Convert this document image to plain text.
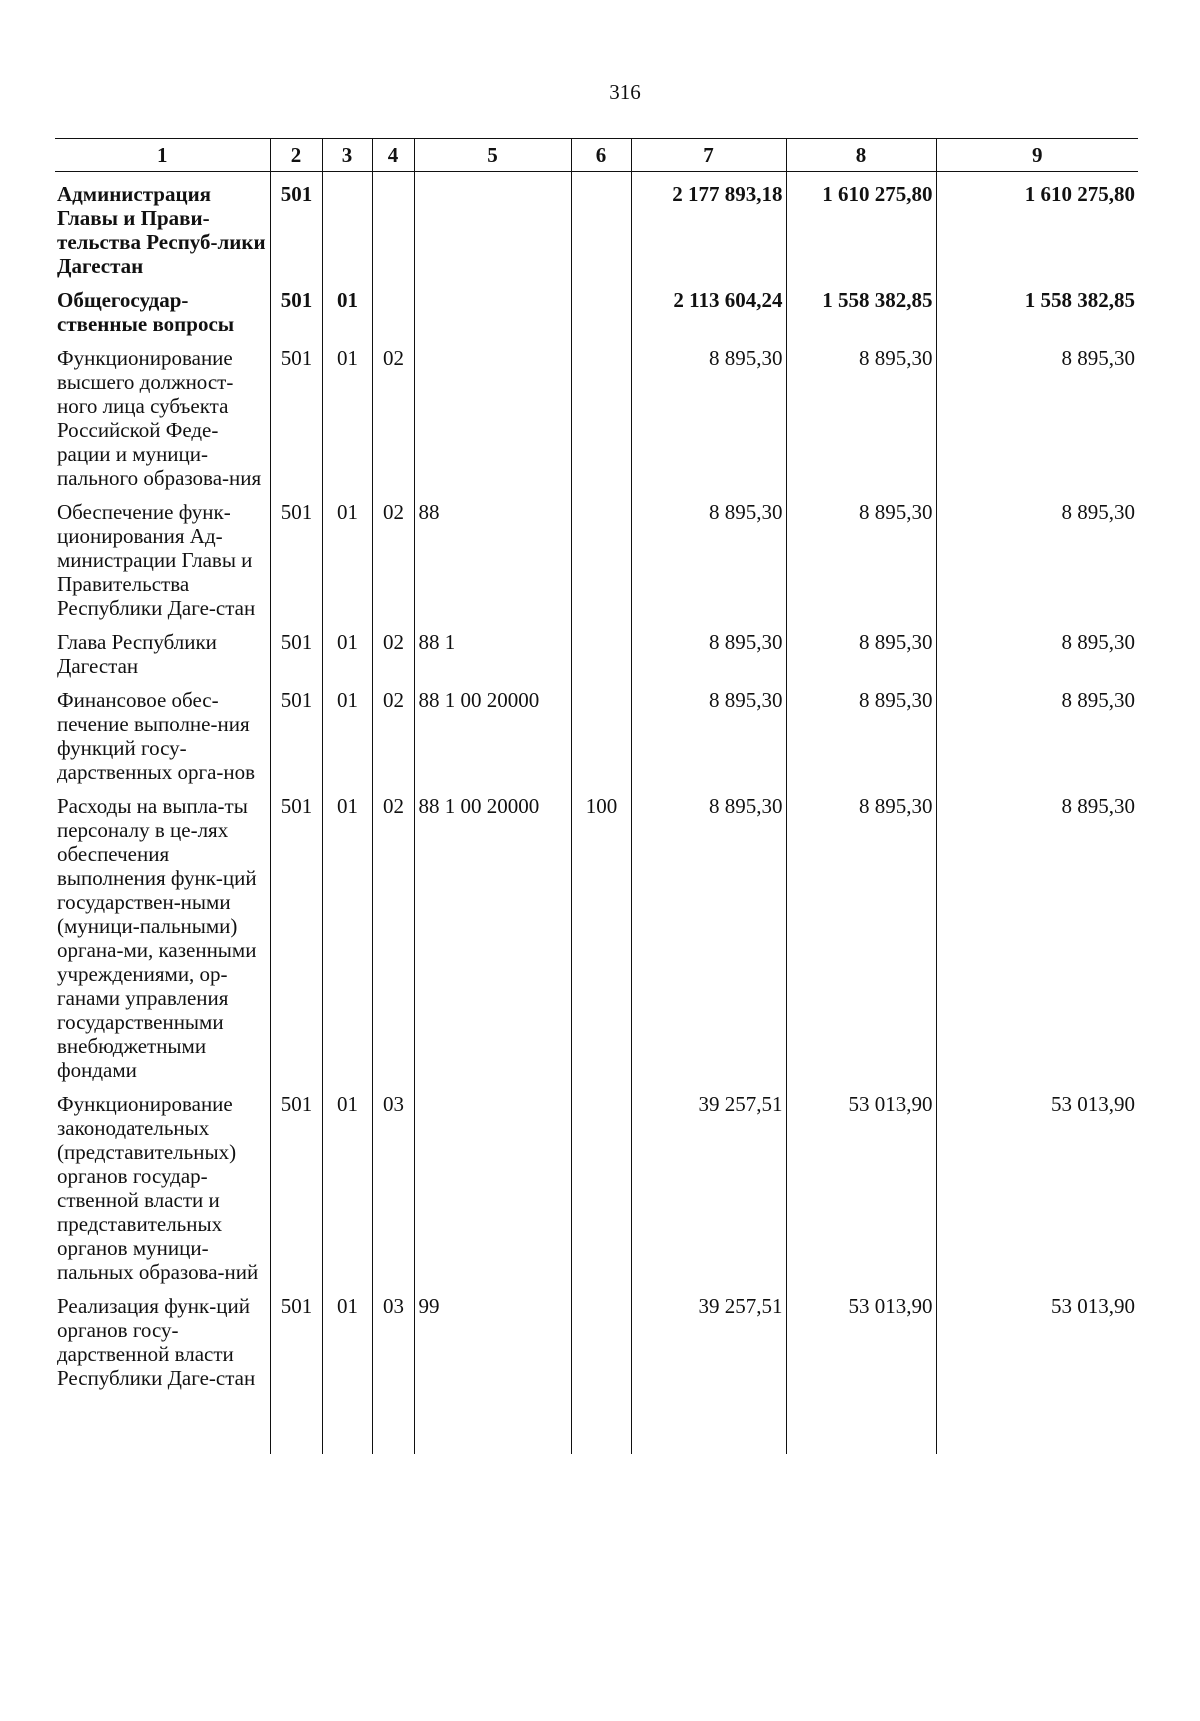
316
1	2	3	4	5	6	7	8	9
Администрация Главы и Прави-тельства Респуб-лики Дагестан	501					2 177 893,18	1 610 275,80	1 610 275,80
Общегосудар-ственные вопросы	501	01				2 113 604,24	1 558 382,85	1 558 382,85
Функционирование высшего должност-ного лица субъекта Российской Феде-рации и муници-пального образова-ния	501	01	02			8 895,30	8 895,30	8 895,30
Обеспечение функ-ционирования Ад-министрации Главы и Правительства Республики Даге-стан	501	01	02	88		8 895,30	8 895,30	8 895,30
Глава Республики Дагестан	501	01	02	88 1		8 895,30	8 895,30	8 895,30
Финансовое обес-печение выполне-ния функций госу-дарственных орга-нов	501	01	02	88 1 00 20000		8 895,30	8 895,30	8 895,30
Расходы на выпла-ты персоналу в це-лях обеспечения выполнения функ-ций государствен-ными (муници-пальными) органа-ми, казенными учреждениями, ор-ганами управления государственными внебюджетными фондами	501	01	02	88 1 00 20000	100	8 895,30	8 895,30	8 895,30
Функционирование законодательных (представительных) органов государ-ственной власти и представительных органов муници-пальных образова-ний	501	01	03			39 257,51	53 013,90	53 013,90
Реализация функ-ций органов госу-дарственной власти Республики Даге-стан	501	01	03	99		39 257,51	53 013,90	53 013,90
